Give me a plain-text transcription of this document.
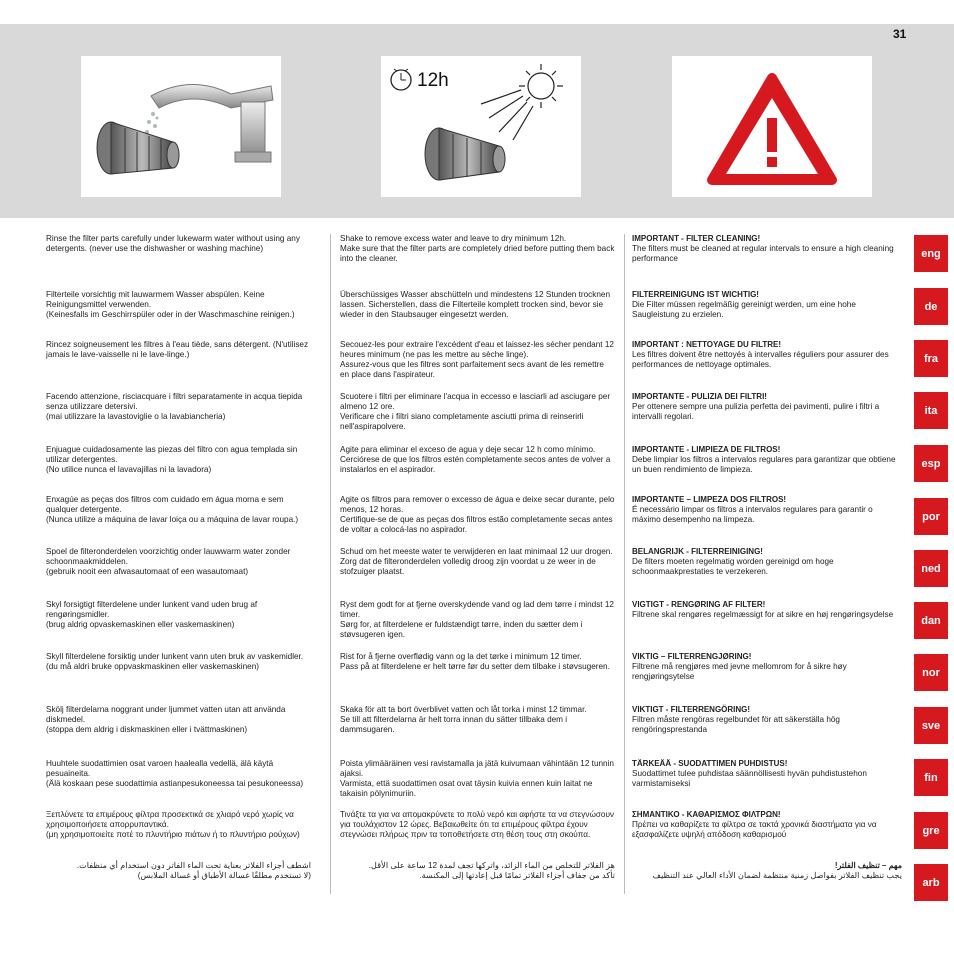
31
12h

Rinse the filter parts carefully under lukewarm water without using any detergents. (never use the dishwasher or washing machine)

Filterteile vorsichtig mit lauwarmem Wasser abspülen. Keine Reinigungsmittel verwenden.

(Keinesfalls im Geschirrspüler oder in der Waschmaschine reinigen.)

Rincez soigneusement les filtres à l'eau tiède, sans détergent. (N'utilisez jamais le lave-vaisselle ni le lave-linge.)

Facendo attenzione, risciacquare i filtri separatamente in acqua tiepida senza utilizzare detersivi.

(mai utilizzare la lavastoviglie o la lavabiancheria)

Enjuague cuidadosamente las piezas del filtro con agua templada sin utilizar detergentes.

(No utilice nunca el lavavajillas ni la lavadora)

Enxagúe as peças dos filtros com cuidado em água morna e sem qualquer detergente.

(Nunca utilize a máquina de lavar loiça ou a máquina de lavar roupa.)

Spoel de filteronderdelen voorzichtig onder lauwwarm water zonder schoonmaakmiddelen.

(gebruik nooit een afwasautomaat of een wasautomaat)

Skyl forsigtigt filterdelene under lunkent vand uden brug af rengøringsmidler.

(brug aldrig opvaskemaskinen eller vaskemaskinen)

Skyll filterdelene forsiktig under lunkent vann uten bruk av vaskemidler.

(du må aldri bruke oppvaskmaskinen eller vaskemaskinen)

Skölj filterdelarna noggrant under ljummet vatten utan att använda diskmedel.

(stoppa dem aldrig i diskmaskinen eller i tvättmaskinen)

Huuhtele suodattimien osat varoen haalealla vedellä, älä käytä pesuaineita.

(Älä koskaan pese suodattimia astianpesukoneessa tai pesukoneessa)

Ξεπλύνετε τα επιμέρους φίλτρα προσεκτικά σε χλιαρό νερό χωρίς να χρησιμοποιήσετε απορρυπαντικά.

(μη χρησιμοποιείτε ποτέ το πλυντήριο πιάτων ή το πλυντήριο ρούχων)

اشطف أجزاء الفلاتر بعناية تحت الماء الفاتر دون استخدام أي منظفات.

(لا تستخدم مطلقًا غسالة الأطباق أو غسالة الملابس)

Shake to remove excess water and leave to dry minimum 12h.

Make sure that the filter parts are completely dried before putting them back into the cleaner.

Überschüssiges Wasser abschütteln und mindestens 12 Stunden trocknen lassen. Sicherstellen, dass die Filterteile komplett trocken sind, bevor sie wieder in den Staubsauger eingesetzt werden.

Secouez-les pour extraire l'excédent d'eau et laissez-les sécher pendant 12 heures minimum (ne pas les mettre au sèche linge).

Assurez-vous que les filtres sont parfaitement secs avant de les remettre en place dans l'aspirateur.

Scuotere i filtri per eliminare l'acqua in eccesso e lasciarli ad asciugare per almeno 12 ore.

Verificare che i filtri siano completamente asciutti prima di reinserirli nell'aspirapolvere.

Agite para eliminar el exceso de agua y deje secar 12 h como mínimo.

Cerciórese de que los filtros estén completamente secos antes de volver a instalarlos en el aspirador.

Agite os filtros para remover o excesso de água e deixe secar durante, pelo menos, 12 horas.

Certifique-se de que as peças dos filtros estão completamente secas antes de voltar a colocá-las no aspirador.

Schud om het meeste water te verwijderen en laat minimaal 12 uur drogen.

Zorg dat de filteronderdelen volledig droog zijn voordat u ze weer in de stofzuiger plaatst.

Ryst dem godt for at fjerne overskydende vand og lad dem tørre i mindst 12 timer.

Sørg for, at filterdelene er fuldstændigt tørre, inden du sætter dem i støvsugeren igen.

Rist for å fjerne overflødig vann og la det tørke i minimum 12 timer.

Pass på at filterdelene er helt tørre før du setter dem tilbake i støvsugeren.

Skaka för att ta bort överblivet vatten och låt torka i minst 12 timmar.

Se till att filterdelarna är helt torra innan du sätter tillbaka dem i dammsugaren.

Poista ylimääräinen vesi ravistamalla ja jätä kuivumaan vähintään 12 tunnin ajaksi.

Varmista, että suodattimen osat ovat täysin kuivia ennen kuin laitat ne takaisin pölynimuriin.

Τινάξτε τα για να απομακρύνετε το πολύ νερό και αφήστε τα να στεγνώσουν για τουλάχιστον 12 ώρες. Βεβαιωθείτε ότι τα επιμέρους φίλτρα έχουν στεγνώσει πλήρως πριν τα τοποθετήσετε στη θέση τους στη σκούπα.

هز الفلاتر للتخلص من الماء الزائد، واتركها تجف لمدة 12 ساعة على الأقل.

تأكد من جفاف أجزاء الفلاتر تمامًا قبل إعادتها إلى المكنسة.

IMPORTANT - FILTER CLEANING!

The filters must be cleaned at regular intervals to ensure a high cleaning performance

FILTERREINIGUNG IST WICHTIG!

Die Filter müssen regelmäßig gereinigt werden, um eine hohe Saugleistung zu erzielen.

IMPORTANT : NETTOYAGE DU FILTRE!

Les filtres doivent être nettoyés à intervalles réguliers pour assurer des performances de nettoyage optimales.

IMPORTANTE - PULIZIA DEI FILTRI!

Per ottenere sempre una pulizia perfetta dei pavimenti, pulire i filtri a intervalli regolari.

IMPORTANTE - LIMPIEZA DE FILTROS!

Debe limpiar los filtros a intervalos regulares para garantizar que obtiene un buen rendimiento de limpieza.

IMPORTANTE – LIMPEZA DOS FILTROS!

É necessário limpar os filtros a intervalos regulares para garantir o máximo desempenho na limpeza.

BELANGRIJK - FILTERREINIGING!

De filters moeten regelmatig worden gereinigd om hoge schoonmaakprestaties te verzekeren.

VIGTIGT - RENGØRING AF FILTER!

Filtrene skal rengøres regelmæssigt for at sikre en høj rengøringsydelse

VIKTIG – FILTERRENGJØRING!

Filtrene må rengjøres med jevne mellomrom for å sikre høy rengjøringsytelse

VIKTIGT - FILTERRENGÖRING!

Filtren måste rengöras regelbundet för att säkerställa hög rengöringsprestanda

TÄRKEÄÄ - SUODATTIMEN PUHDISTUS!

Suodattimet tulee puhdistaa säännöllisesti hyvän puhdistustehon varmistamiseksi

ΣΗΜΑΝΤΙΚΟ - ΚΑΘΑΡΙΣΜΟΣ ΦΙΛΤΡΩΝ!

Πρέπει να καθαρίζετε τα φίλτρα σε τακτά χρονικά διαστήματα για να εξασφαλίζετε υψηλή απόδοση καθαρισμού

مهم – تنظيف الفلتر!

يجب تنظيف الفلاتر بفواصل زمنية منتظمة لضمان الأداء العالي عند التنظيف

eng
de
fra
ita
esp
por
ned
dan
nor
sve
fin
gre
arb
